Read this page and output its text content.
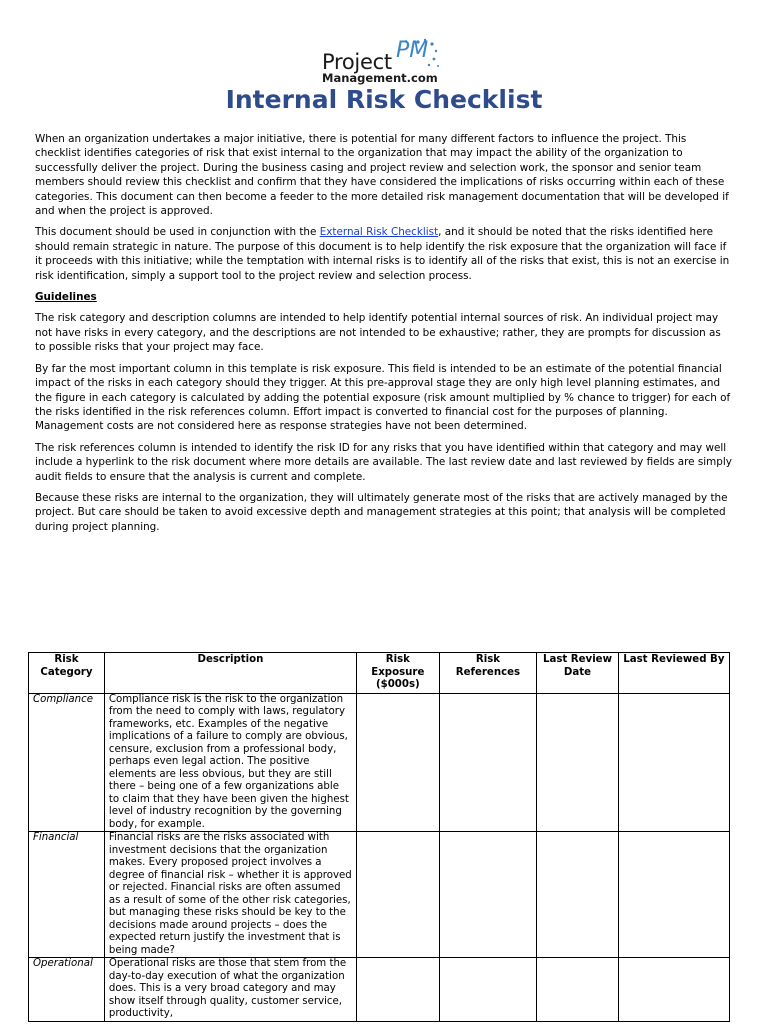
Project PM
Management.com
Internal Risk Checklist

When an organization undertakes a major initiative, there is potential for many different factors to influence the project. This checklist identifies categories of risk that exist internal to the organization that may impact the ability of the organization to successfully deliver the project. During the business casing and project review and selection work, the sponsor and senior team members should review this checklist and confirm that they have considered the implications of risks occurring within each of these categories. This document can then become a feeder to the more detailed risk management documentation that will be developed if and when the project is approved.

This document should be used in conjunction with the External Risk Checklist, and it should be noted that the risks identified here should remain strategic in nature. The purpose of this document is to help identify the risk exposure that the organization will face if it proceeds with this initiative; while the temptation with internal risks is to identify all of the risks that exist, this is not an exercise in risk identification, simply a support tool to the project review and selection process.

Guidelines

The risk category and description columns are intended to help identify potential internal sources of risk. An individual project may not have risks in every category, and the descriptions are not intended to be exhaustive; rather, they are prompts for discussion as to possible risks that your project may face.

By far the most important column in this template is risk exposure. This field is intended to be an estimate of the potential financial impact of the risks in each category should they trigger. At this pre-approval stage they are only high level planning estimates, and the figure in each category is calculated by adding the potential exposure (risk amount multiplied by % chance to trigger) for each of the risks identified in the risk references column. Effort impact is converted to financial cost for the purposes of planning. Management costs are not considered here as response strategies have not been determined.

The risk references column is intended to identify the risk ID for any risks that you have identified within that category and may well include a hyperlink to the risk document where more details are available. The last review date and last reviewed by fields are simply audit fields to ensure that the analysis is current and complete.

Because these risks are internal to the organization, they will ultimately generate most of the risks that are actively managed by the project. But care should be taken to avoid excessive depth and management strategies at this point; that analysis will be completed during project planning.

Risk Category	Description	Risk Exposure ($000s)	Risk References	Last Review Date	Last Reviewed By
Compliance	Compliance risk is the risk to the organization from the need to comply with laws, regulatory frameworks, etc. Examples of the negative implications of a failure to comply are obvious, censure, exclusion from a professional body, perhaps even legal action. The positive elements are less obvious, but they are still there – being one of a few organizations able to claim that they have been given the highest level of industry recognition by the governing body, for example.				
Financial	Financial risks are the risks associated with investment decisions that the organization makes. Every proposed project involves a degree of financial risk – whether it is approved or rejected. Financial risks are often assumed as a result of some of the other risk categories, but managing these risks should be key to the decisions made around projects – does the expected return justify the investment that is being made?				
Operational	Operational risks are those that stem from the day-to-day execution of what the organization does. This is a very broad category and may show itself through quality, customer service, productivity,				
